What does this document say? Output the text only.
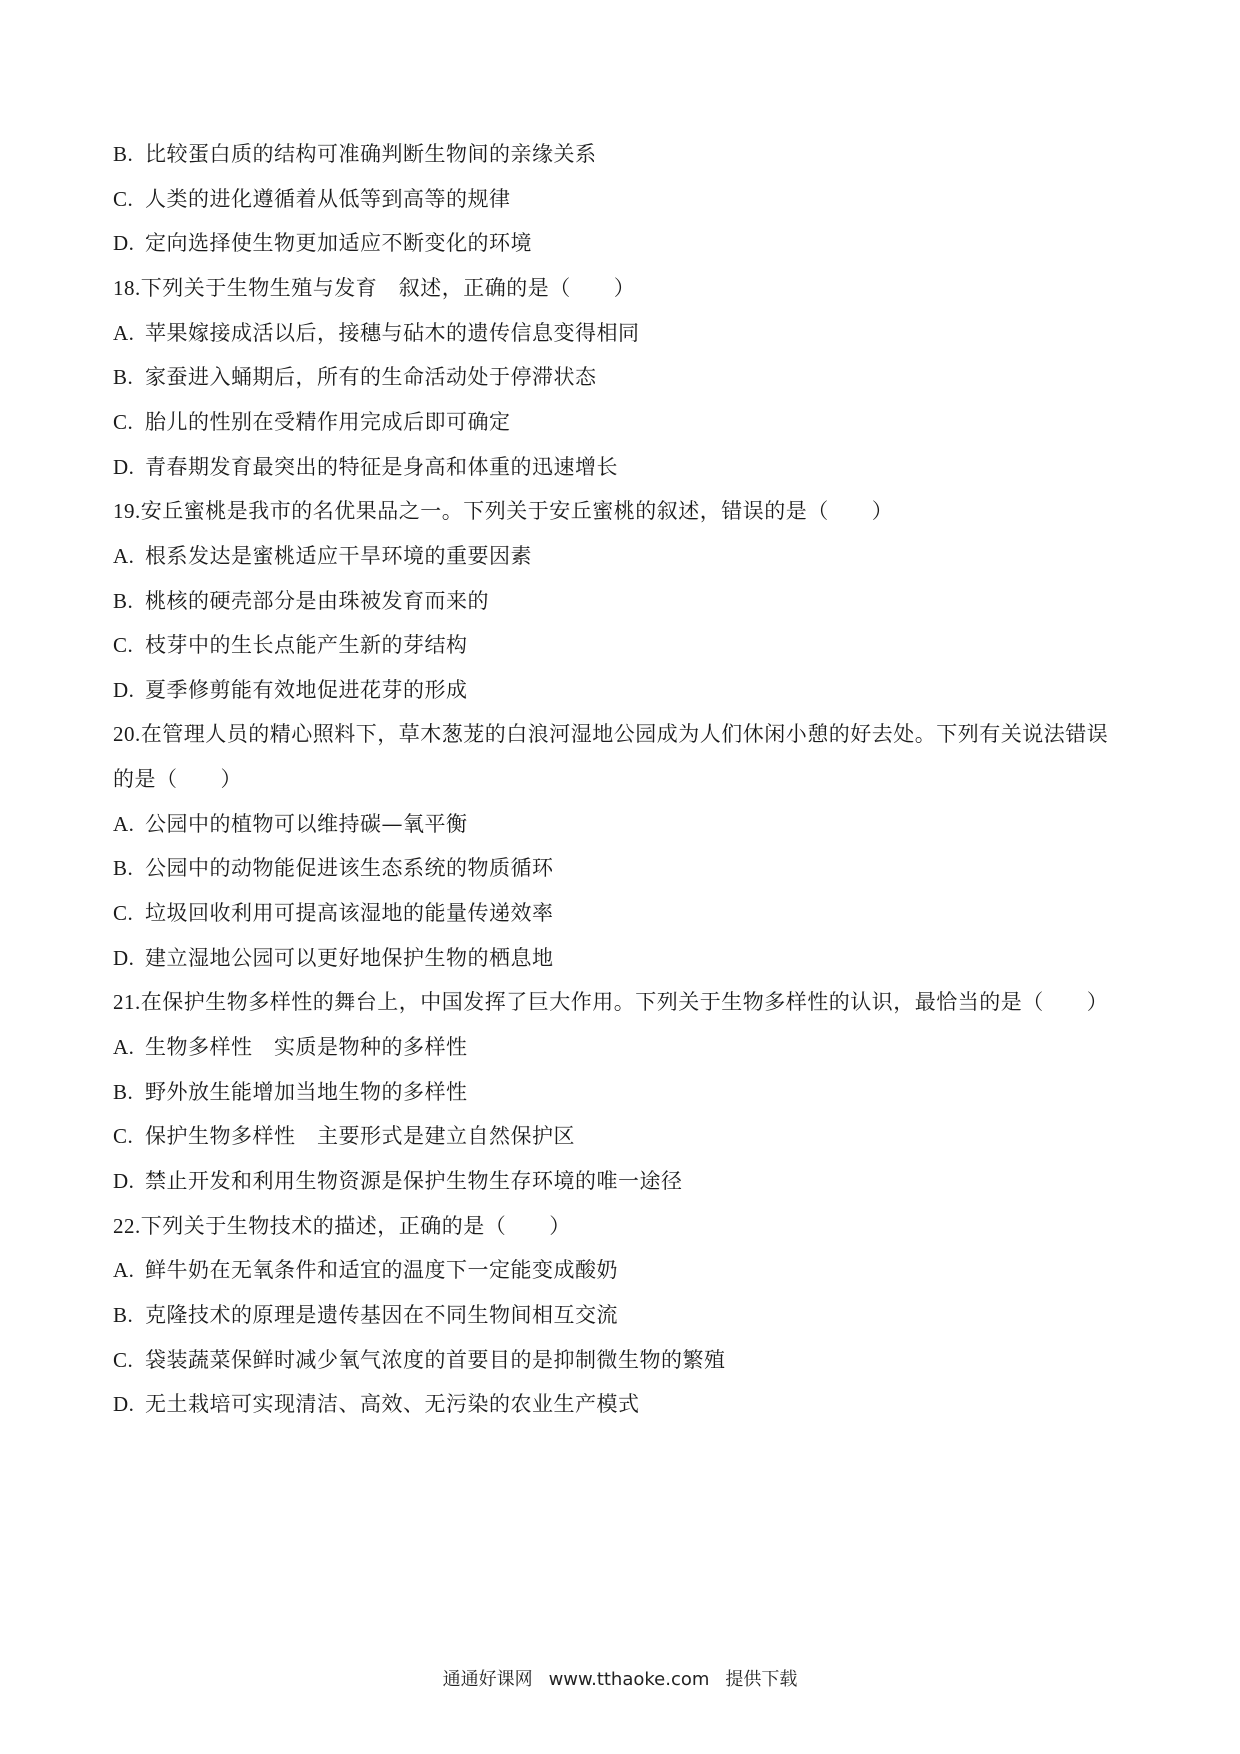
B. 比较蛋白质的结构可准确判断生物间的亲缘关系
C. 人类的进化遵循着从低等到高等的规律
D. 定向选择使生物更加适应不断变化的环境
18.下列关于生物生殖与发育　叙述，正确的是（　　）
A. 苹果嫁接成活以后，接穗与砧木的遗传信息变得相同
B. 家蚕进入蛹期后，所有的生命活动处于停滞状态
C. 胎儿的性别在受精作用完成后即可确定
D. 青春期发育最突出的特征是身高和体重的迅速增长
19.安丘蜜桃是我市的名优果品之一。下列关于安丘蜜桃的叙述，错误的是（　　）
A. 根系发达是蜜桃适应干旱环境的重要因素
B. 桃核的硬壳部分是由珠被发育而来的
C. 枝芽中的生长点能产生新的芽结构
D. 夏季修剪能有效地促进花芽的形成
20.在管理人员的精心照料下，草木葱茏的白浪河湿地公园成为人们休闲小憩的好去处。下列有关说法错误
的是（　　）
A. 公园中的植物可以维持碳—氧平衡
B. 公园中的动物能促进该生态系统的物质循环
C. 垃圾回收利用可提高该湿地的能量传递效率
D. 建立湿地公园可以更好地保护生物的栖息地
21.在保护生物多样性的舞台上，中国发挥了巨大作用。下列关于生物多样性的认识，最恰当的是（　　）
A. 生物多样性　实质是物种的多样性
B. 野外放生能增加当地生物的多样性
C. 保护生物多样性　主要形式是建立自然保护区
D. 禁止开发和利用生物资源是保护生物生存环境的唯一途径
22.下列关于生物技术的描述，正确的是（　　）
A. 鲜牛奶在无氧条件和适宜的温度下一定能变成酸奶
B. 克隆技术的原理是遗传基因在不同生物间相互交流
C. 袋装蔬菜保鲜时减少氧气浓度的首要目的是抑制微生物的繁殖
D. 无土栽培可实现清洁、高效、无污染的农业生产模式
通通好课网 www.tthaoke.com 提供下载
